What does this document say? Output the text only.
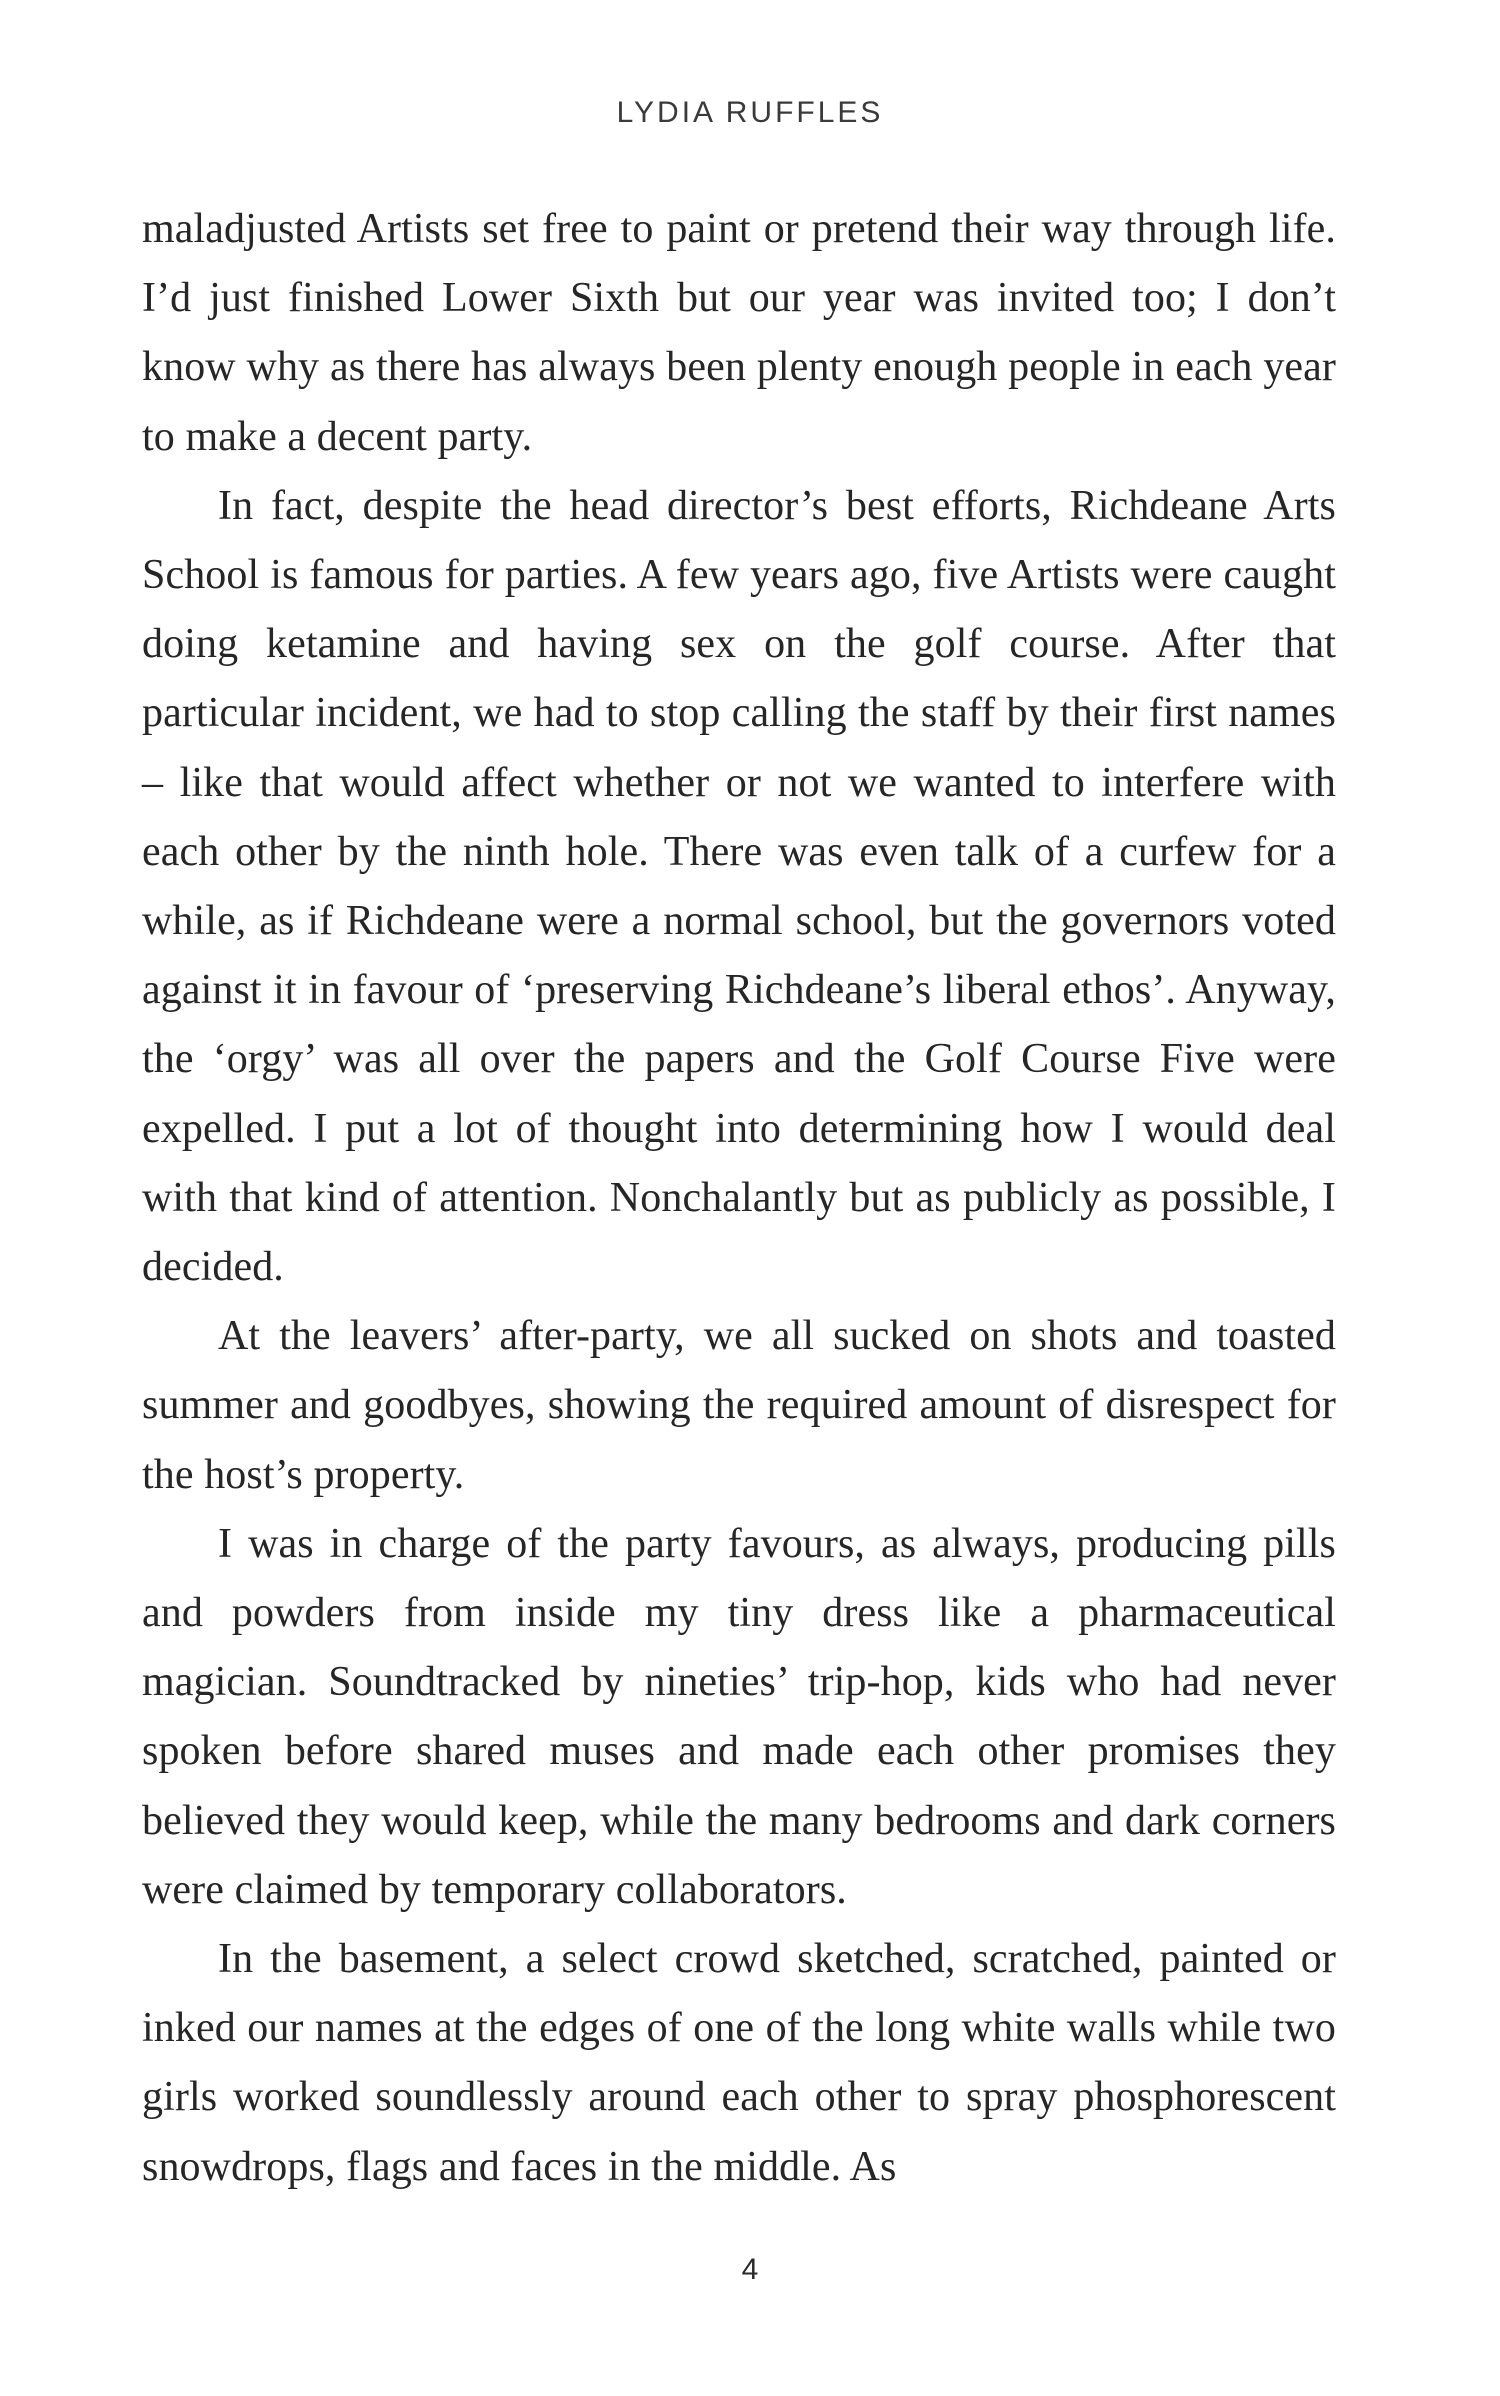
LYDIA RUFFLES

maladjusted Artists set free to paint or pretend their way through life. I’d just finished Lower Sixth but our year was invited too; I don’t know why as there has always been plenty enough people in each year to make a decent party.

In fact, despite the head director’s best efforts, Richdeane Arts School is famous for parties. A few years ago, five Artists were caught doing ketamine and having sex on the golf course. After that particular incident, we had to stop calling the staff by their first names – like that would affect whether or not we wanted to interfere with each other by the ninth hole. There was even talk of a curfew for a while, as if Richdeane were a normal school, but the governors voted against it in favour of ‘preserving Richdeane’s liberal ethos’. Anyway, the ‘orgy’ was all over the papers and the Golf Course Five were expelled. I put a lot of thought into determining how I would deal with that kind of attention. Nonchalantly but as publicly as possible, I decided.

At the leavers’ after-party, we all sucked on shots and toasted summer and goodbyes, showing the required amount of disrespect for the host’s property.

I was in charge of the party favours, as always, producing pills and powders from inside my tiny dress like a pharmaceutical magician. Soundtracked by nineties’ trip-hop, kids who had never spoken before shared muses and made each other promises they believed they would keep, while the many bedrooms and dark corners were claimed by temporary collaborators.

In the basement, a select crowd sketched, scratched, painted or inked our names at the edges of one of the long white walls while two girls worked soundlessly around each other to spray phosphorescent snowdrops, flags and faces in the middle. As

4
